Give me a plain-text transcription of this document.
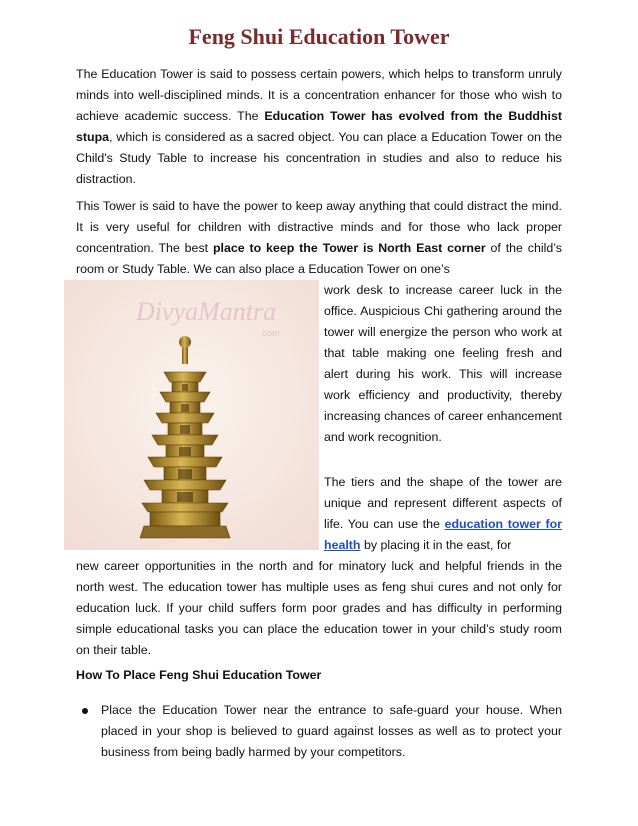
Feng Shui Education Tower

The Education Tower is said to possess certain powers, which helps to transform unruly minds into well-disciplined minds. It is a concentration enhancer for those who wish to achieve academic success. The Education Tower has evolved from the Buddhist stupa, which is considered as a sacred object. You can place a Education Tower on the Child's Study Table to increase his concentration in studies and also to reduce his distraction.

This Tower is said to have the power to keep away anything that could distract the mind. It is very useful for children with distractive minds and for those who lack proper concentration. The best place to keep the Tower is North East corner of the child’s room or Study Table. We can also place a Education Tower on one’s

DivyaMantra
.com

work desk to increase career luck in the office. Auspicious Chi gathering around the tower will energize the person who work at that table making one feeling fresh and alert during his work. This will increase work efficiency and productivity, thereby increasing chances of career enhancement and work recognition.

The tiers and the shape of the tower are unique and represent different aspects of life. You can use the education tower for health by placing it in the east, for

new career opportunities in the north and for minatory luck and helpful friends in the north west. The education tower has multiple uses as feng shui cures and not only for education luck. If your child suffers form poor grades and has difficulty in performing simple educational tasks you can place the education tower in your child’s study room on their table.

How To Place Feng Shui Education Tower

Place the Education Tower near the entrance to safe-guard your house. When placed in your shop is believed to guard against losses as well as to protect your business from being badly harmed by your competitors.
